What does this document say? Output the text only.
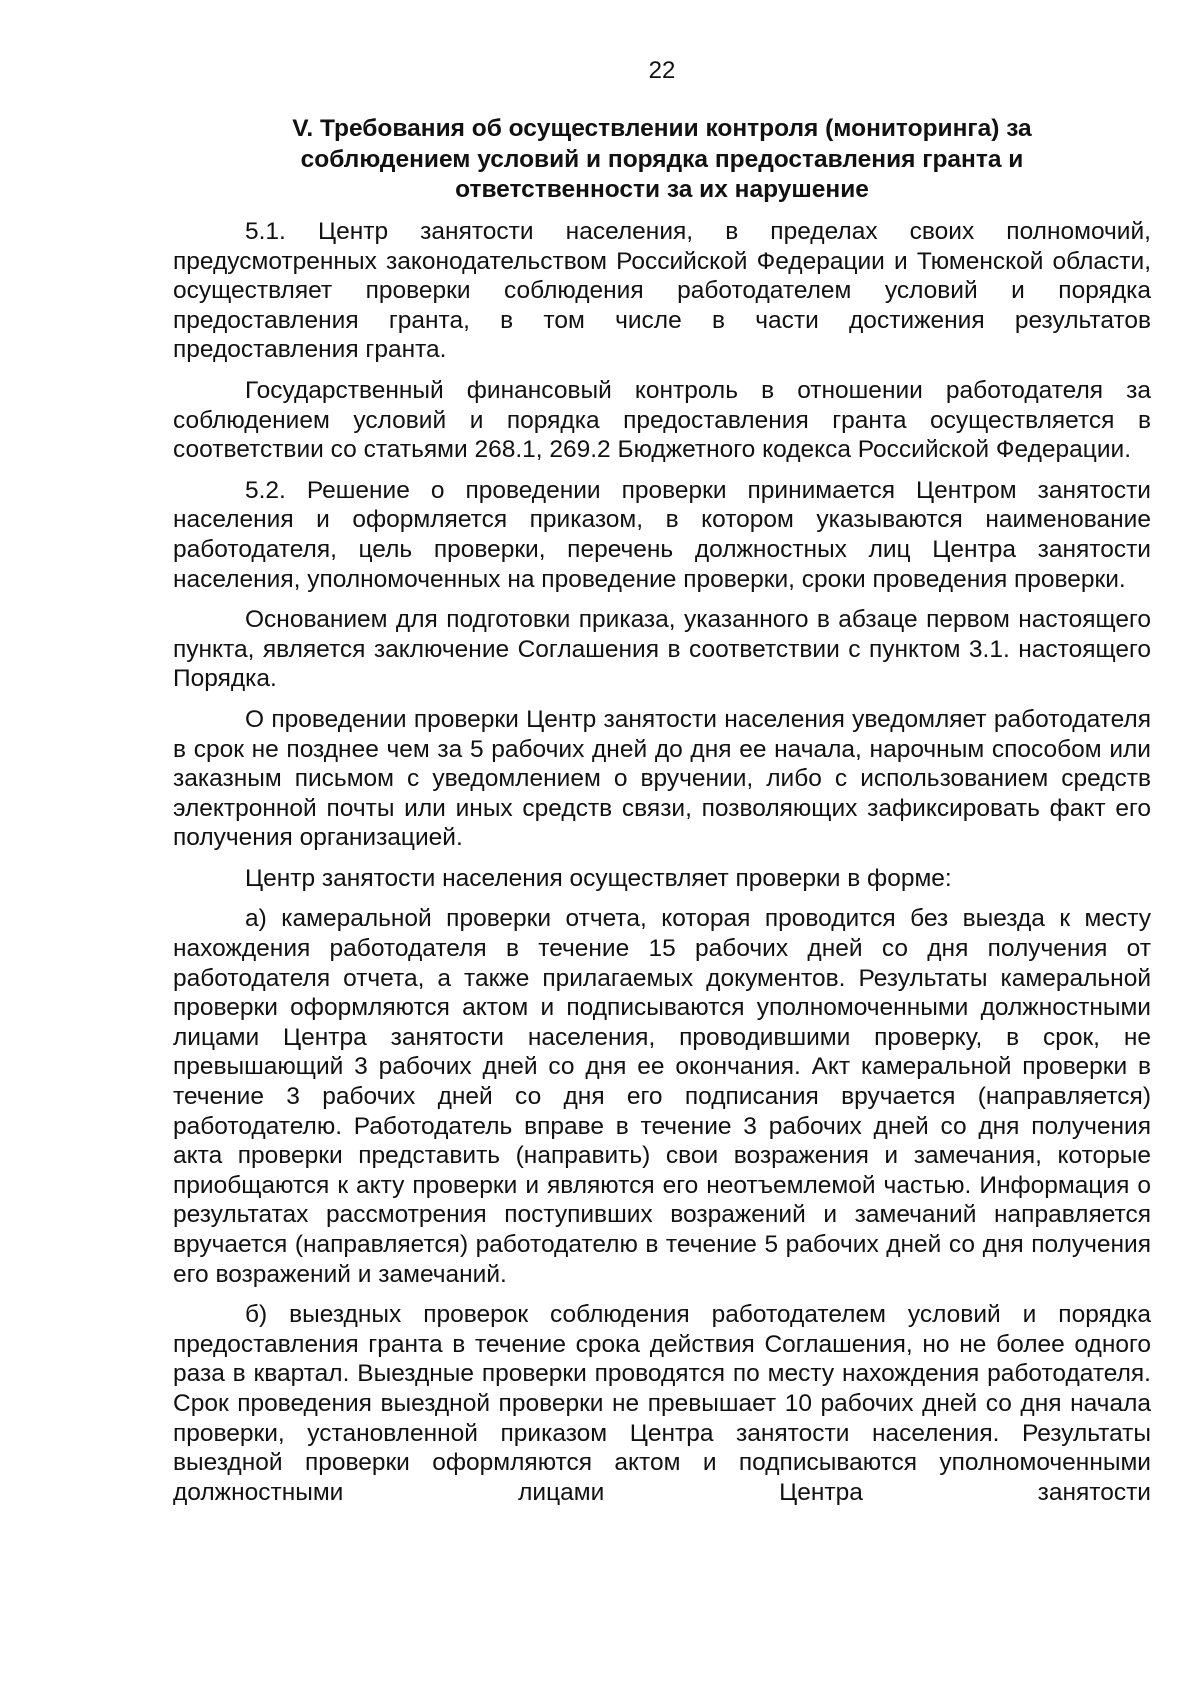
22
V. Требования об осуществлении контроля (мониторинга) за
соблюдением условий и порядка предоставления гранта и
ответственности за их нарушение

5.1. Центр занятости населения, в пределах своих полномочий, предусмотренных законодательством Российской Федерации и Тюменской области, осуществляет проверки соблюдения работодателем условий и порядка предоставления гранта, в том числе в части достижения результатов предоставления гранта.

Государственный финансовый контроль в отношении работодателя за соблюдением условий и порядка предоставления гранта осуществляется в соответствии со статьями 268.1, 269.2 Бюджетного кодекса Российской Федерации.

5.2. Решение о проведении проверки принимается Центром занятости населения и оформляется приказом, в котором указываются наименование работодателя, цель проверки, перечень должностных лиц Центра занятости населения, уполномоченных на проведение проверки, сроки проведения проверки.

Основанием для подготовки приказа, указанного в абзаце первом настоящего пункта, является заключение Соглашения в соответствии с пунктом 3.1. настоящего Порядка.

О проведении проверки Центр занятости населения уведомляет работодателя в срок не позднее чем за 5 рабочих дней до дня ее начала, нарочным способом или заказным письмом с уведомлением о вручении, либо с использованием средств электронной почты или иных средств связи, позволяющих зафиксировать факт его получения организацией.

Центр занятости населения осуществляет проверки в форме:

а) камеральной проверки отчета, которая проводится без выезда к месту нахождения работодателя в течение 15 рабочих дней со дня получения от работодателя отчета, а также прилагаемых документов. Результаты камеральной проверки оформляются актом и подписываются уполномоченными должностными лицами Центра занятости населения, проводившими проверку, в срок, не превышающий 3 рабочих дней со дня ее окончания. Акт камеральной проверки в течение 3 рабочих дней со дня его подписания вручается (направляется) работодателю. Работодатель вправе в течение 3 рабочих дней со дня получения акта проверки представить (направить) свои возражения и замечания, которые приобщаются к акту проверки и являются его неотъемлемой частью. Информация о результатах рассмотрения поступивших возражений и замечаний направляется вручается (направляется) работодателю в течение 5 рабочих дней со дня получения его возражений и замечаний.

б) выездных проверок соблюдения работодателем условий и порядка предоставления гранта в течение срока действия Соглашения, но не более одного раза в квартал. Выездные проверки проводятся по месту нахождения работодателя. Срок проведения выездной проверки не превышает 10 рабочих дней со дня начала проверки, установленной приказом Центра занятости населения. Результаты выездной проверки оформляются актом и подписываются уполномоченными должностными лицами Центра занятости
